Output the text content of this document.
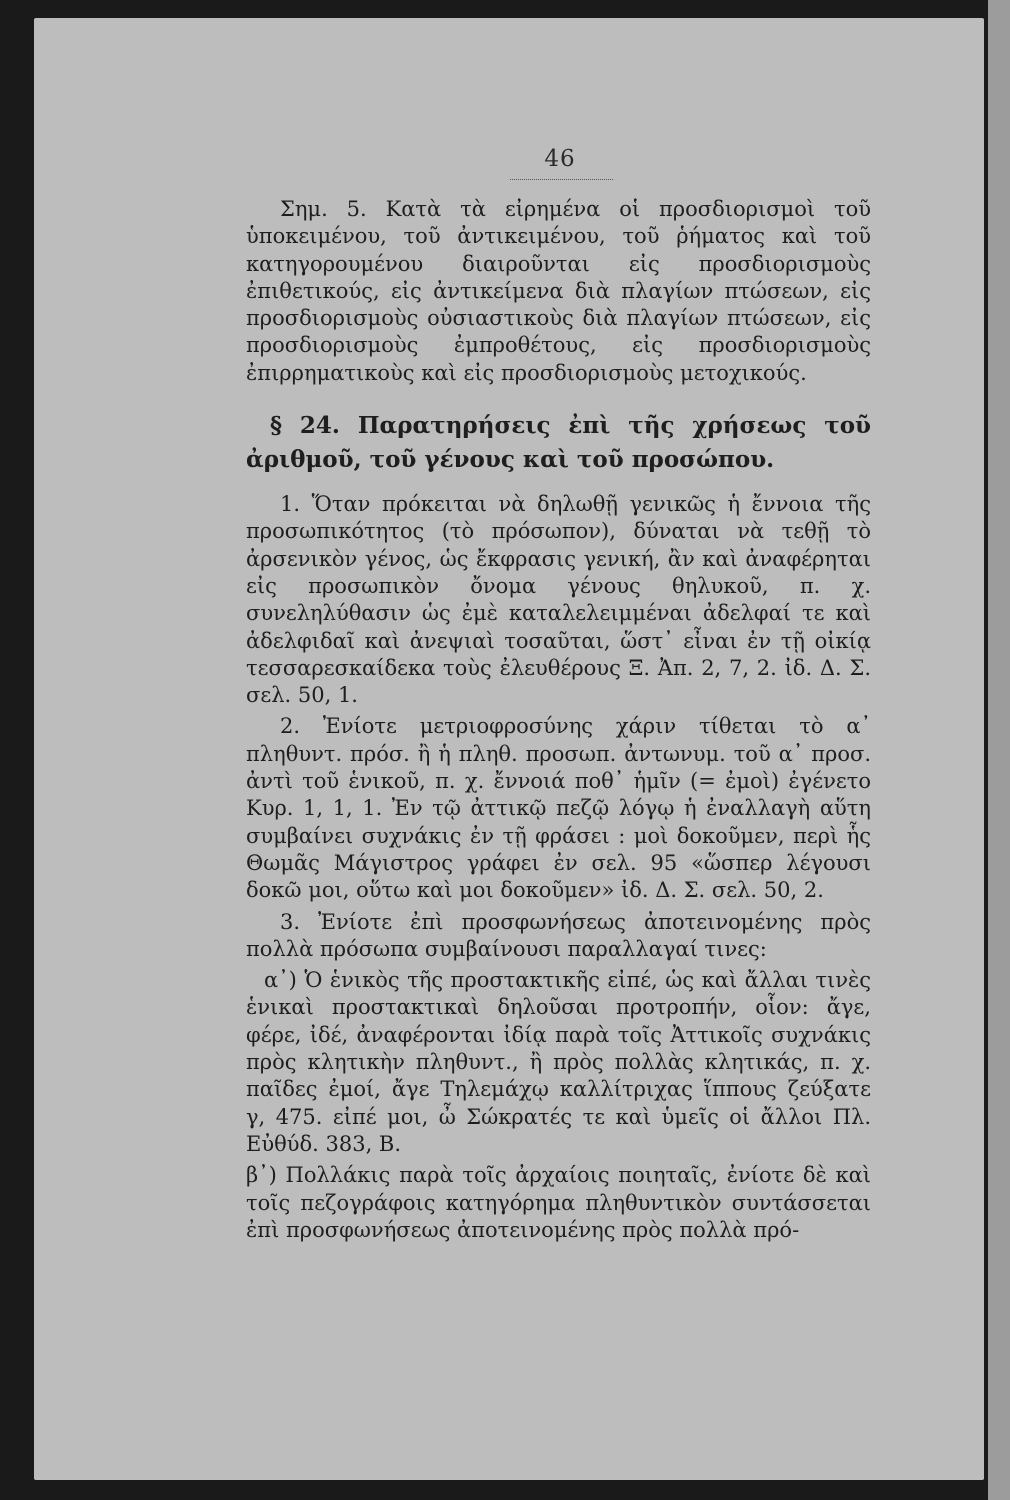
46

Σημ. 5. Κατὰ τὰ εἰρημένα οἱ προσδιορισμοὶ τοῦ ὑποκειμένου, τοῦ ἀντικειμένου, τοῦ ῥήματος καὶ τοῦ κατηγορουμένου διαιροῦνται εἰς προσδιορισμοὺς ἐπιθετικούς, εἰς ἀντικείμενα διὰ πλαγίων πτώσεων, εἰς προσδιορισμοὺς οὐσιαστικοὺς διὰ πλαγίων πτώσεων, εἰς προσδιορισμοὺς ἐμπροθέτους, εἰς προσδιορισμοὺς ἐπιρρηματικοὺς καὶ εἰς προσδιορισμοὺς μετοχικούς.

§ 24. Παρατηρήσεις ἐπὶ τῆς χρήσεως τοῦ ἀριθμοῦ, τοῦ γένους καὶ τοῦ προσώπου.

1. Ὅταν πρόκειται νὰ δηλωθῇ γενικῶς ἡ ἔννοια τῆς προσωπικότητος (τὸ πρόσωπον), δύναται νὰ τεθῇ τὸ ἀρσενικὸν γένος, ὡς ἔκφρασις γενική, ἂν καὶ ἀναφέρηται εἰς προσωπικὸν ὄνομα γένους θηλυκοῦ, π. χ. συνεληλύθασιν ὡς ἐμὲ καταλελειμμέναι ἀδελφαί τε καὶ ἀδελφιδαῖ καὶ ἀνεψιαὶ τοσαῦται, ὥστ᾿ εἶναι ἐν τῇ οἰκίᾳ τεσσαρεσκαίδεκα τοὺς ἐλευθέρους Ξ. Ἀπ. 2, 7, 2. ἰδ. Δ. Σ. σελ. 50, 1.

2. Ἐνίοτε μετριοφροσύνης χάριν τίθεται τὸ α᾿ πληθυντ. πρόσ. ἢ ἡ πληθ. προσωπ. ἀντωνυμ. τοῦ α᾿ προσ. ἀντὶ τοῦ ἑνικοῦ, π. χ. ἔννοιά ποθ᾿ ἡμῖν (= ἐμοὶ) ἐγένετο Κυρ. 1, 1, 1. Ἐν τῷ ἀττικῷ πεζῷ λόγῳ ἡ ἐναλλαγὴ αὕτη συμβαίνει συχνάκις ἐν τῇ φράσει : μοὶ δοκοῦμεν, περὶ ἧς Θωμᾶς Μάγιστρος γράφει ἐν σελ. 95 «ὥσπερ λέγουσι δοκῶ μοι, οὕτω καὶ μοι δοκοῦμεν» ἰδ. Δ. Σ. σελ. 50, 2.

3. Ἐνίοτε ἐπὶ προσφωνήσεως ἀποτεινομένης πρὸς πολλὰ πρόσωπα συμβαίνουσι παραλλαγαί τινες:

α᾿) Ὁ ἑνικὸς τῆς προστακτικῆς εἰπέ, ὡς καὶ ἄλλαι τινὲς ἑνικαὶ προστακτικαὶ δηλοῦσαι προτροπήν, οἷον: ἄγε, φέρε, ἰδέ, ἀναφέρονται ἰδίᾳ παρὰ τοῖς Ἀττικοῖς συχνάκις πρὸς κλητικὴν πληθυντ., ἢ πρὸς πολλὰς κλητικάς, π. χ. παῖδες ἐμοί, ἄγε Τηλεμάχῳ καλλίτριχας ἵππους ζεύξατε γ, 475. εἰπέ μοι, ὦ Σώκρατές τε καὶ ὑμεῖς οἱ ἄλλοι Πλ. Εὐθύδ. 383, Β.

β᾿) Πολλάκις παρὰ τοῖς ἀρχαίοις ποιηταῖς, ἐνίοτε δὲ καὶ τοῖς πεζογράφοις κατηγόρημα πληθυντικὸν συντάσσεται ἐπὶ προσφωνήσεως ἀποτεινομένης πρὸς πολλὰ πρό-
